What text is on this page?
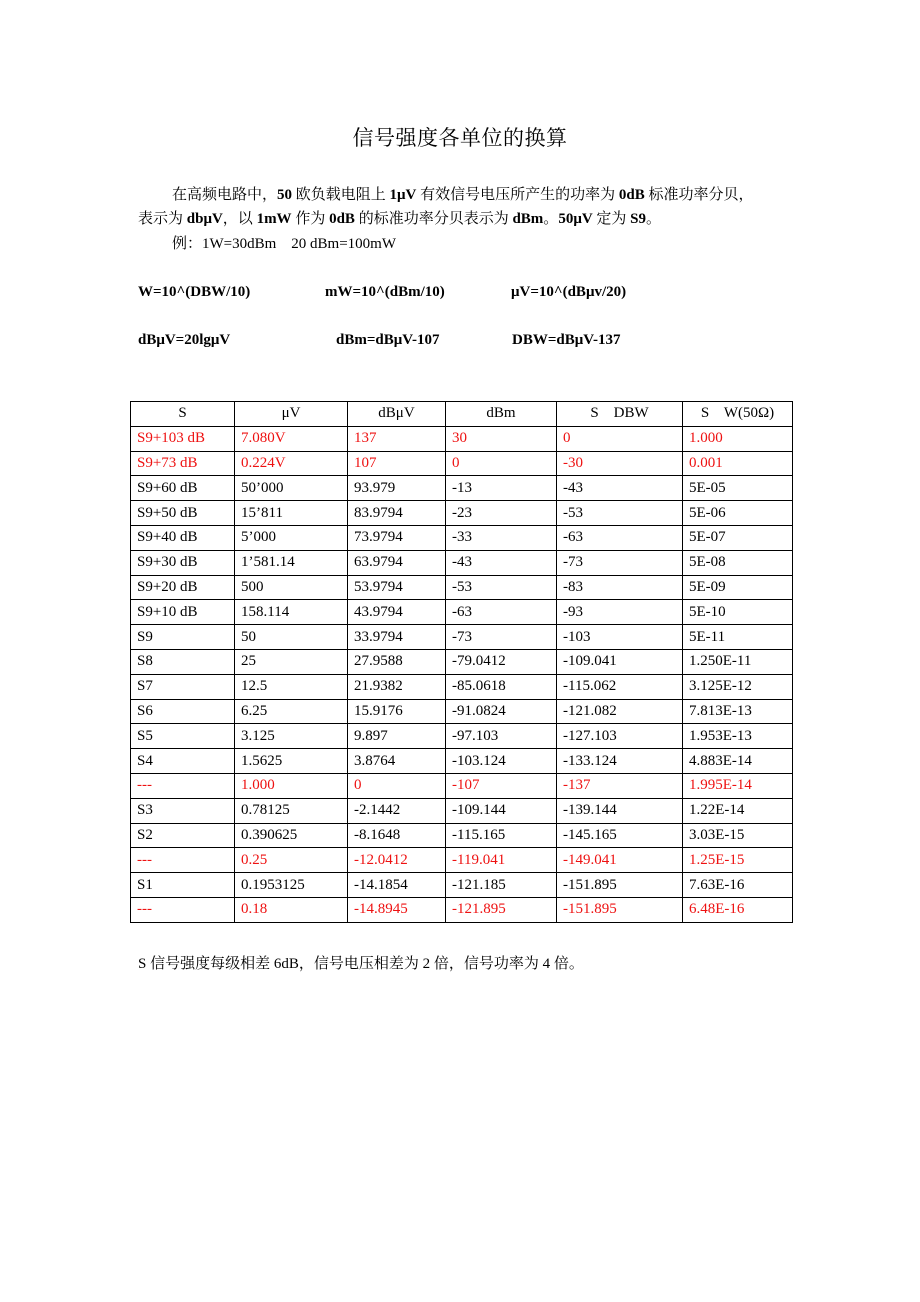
信号强度各单位的换算
在高频电路中，50 欧负载电阻上 1μV 有效信号电压所产生的功率为 0dB 标准功率分贝，
表示为 dbμV，以 1mW 作为 0dB 的标准功率分贝表示为 dBm。50μV 定为 S9。
例：1W=30dBm    20 dBm=100mW
W=10^(DBW/10)	mW=10^(dBm/10)	μV=10^(dBμv/20)
dBμV=20lgμV	dBm=dBμV-107	DBW=dBμV-137
S	μV	dBμV	dBm	S    DBW	S    W(50Ω)
S9+103 dB	7.080V	137	30	0	1.000
S9+73 dB	0.224V	107	0	-30	0.001
S9+60 dB	50’000	93.979	-13	-43	5E-05
S9+50 dB	15’811	83.9794	-23	-53	5E-06
S9+40 dB	5’000	73.9794	-33	-63	5E-07
S9+30 dB	1’581.14	63.9794	-43	-73	5E-08
S9+20 dB	500	53.9794	-53	-83	5E-09
S9+10 dB	158.114	43.9794	-63	-93	5E-10
S9	50	33.9794	-73	-103	5E-11
S8	25	27.9588	-79.0412	-109.041	1.250E-11
S7	12.5	21.9382	-85.0618	-115.062	3.125E-12
S6	6.25	15.9176	-91.0824	-121.082	7.813E-13
S5	3.125	9.897	-97.103	-127.103	1.953E-13
S4	1.5625	3.8764	-103.124	-133.124	4.883E-14
---	1.000	0	-107	-137	1.995E-14
S3	0.78125	-2.1442	-109.144	-139.144	1.22E-14
S2	0.390625	-8.1648	-115.165	-145.165	3.03E-15
---	0.25	-12.0412	-119.041	-149.041	1.25E-15
S1	0.1953125	-14.1854	-121.185	-151.895	7.63E-16
---	0.18	-14.8945	-121.895	-151.895	6.48E-16
S 信号强度每级相差 6dB，信号电压相差为 2 倍，信号功率为 4 倍。
